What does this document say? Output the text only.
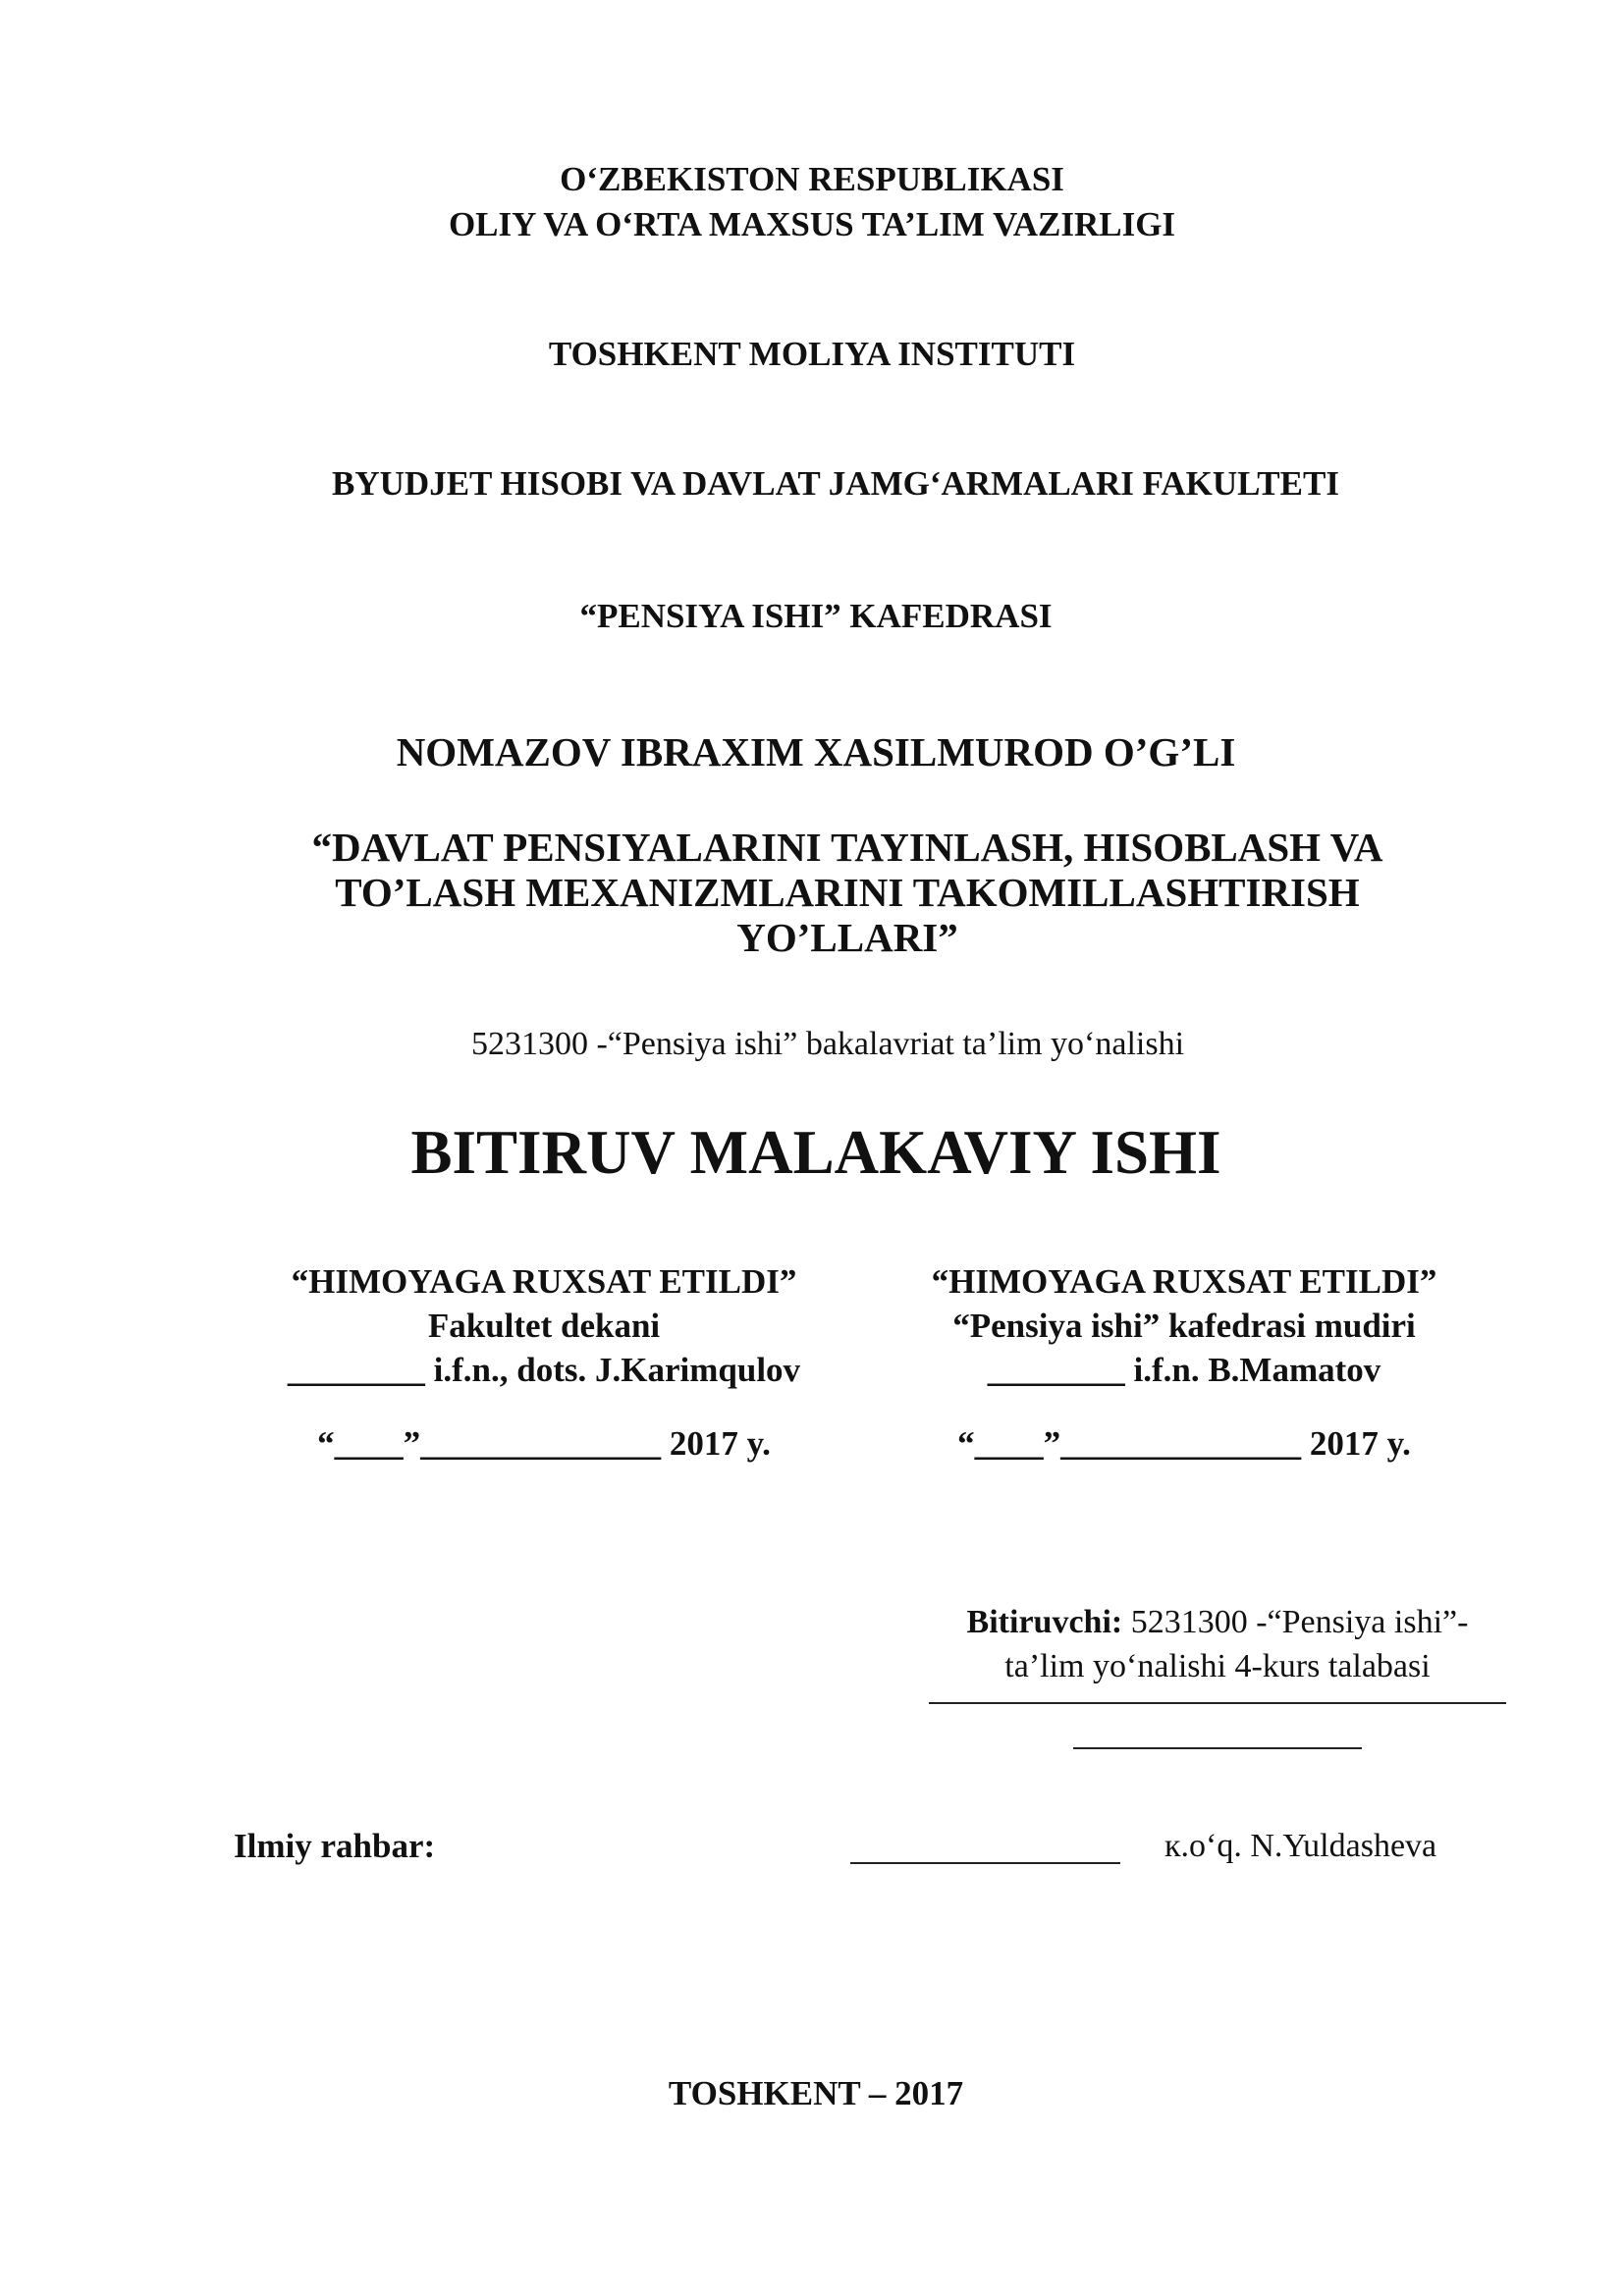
O‘ZBEKISTON RESPUBLIKASI
OLIY VA O‘RTA MAXSUS TA’LIM VAZIRLIGI
TOSHKENT MOLIYA INSTITUTI
BYUDJET HISOBI VA DAVLAT JAMG‘ARMALARI FAKULTETI
“PENSIYA ISHI” KAFEDRASI
NOMAZOV IBRAXIM XASILMUROD O’G’LI
“DAVLAT PENSIYALARINI TAYINLASH, HISOBLASH VA
TO’LASH MEXANIZMLARINI TAKOMILLASHTIRISH
YO’LLARI”
5231300 -“Pensiya ishi” bakalavriat ta’lim yo‘nalishi
BITIRUV MALAKAVIY ISHI
“HIMOYAGA RUXSAT ETILDI”
Fakultet dekani
________ i.f.n., dots. J.Karimqulov
“____”______________ 2017 y.
“HIMOYAGA RUXSAT ETILDI”
“Pensiya ishi” kafedrasi mudiri
________ i.f.n. B.Mamatov
“____”______________ 2017 y.
Bitiruvchi: 5231300 -“Pensiya ishi”-
ta’lim yo‘nalishi 4-kurs talabasi
Ilmiy rahbar:	к.o‘q. N.Yuldasheva
TOSHKENT – 2017
